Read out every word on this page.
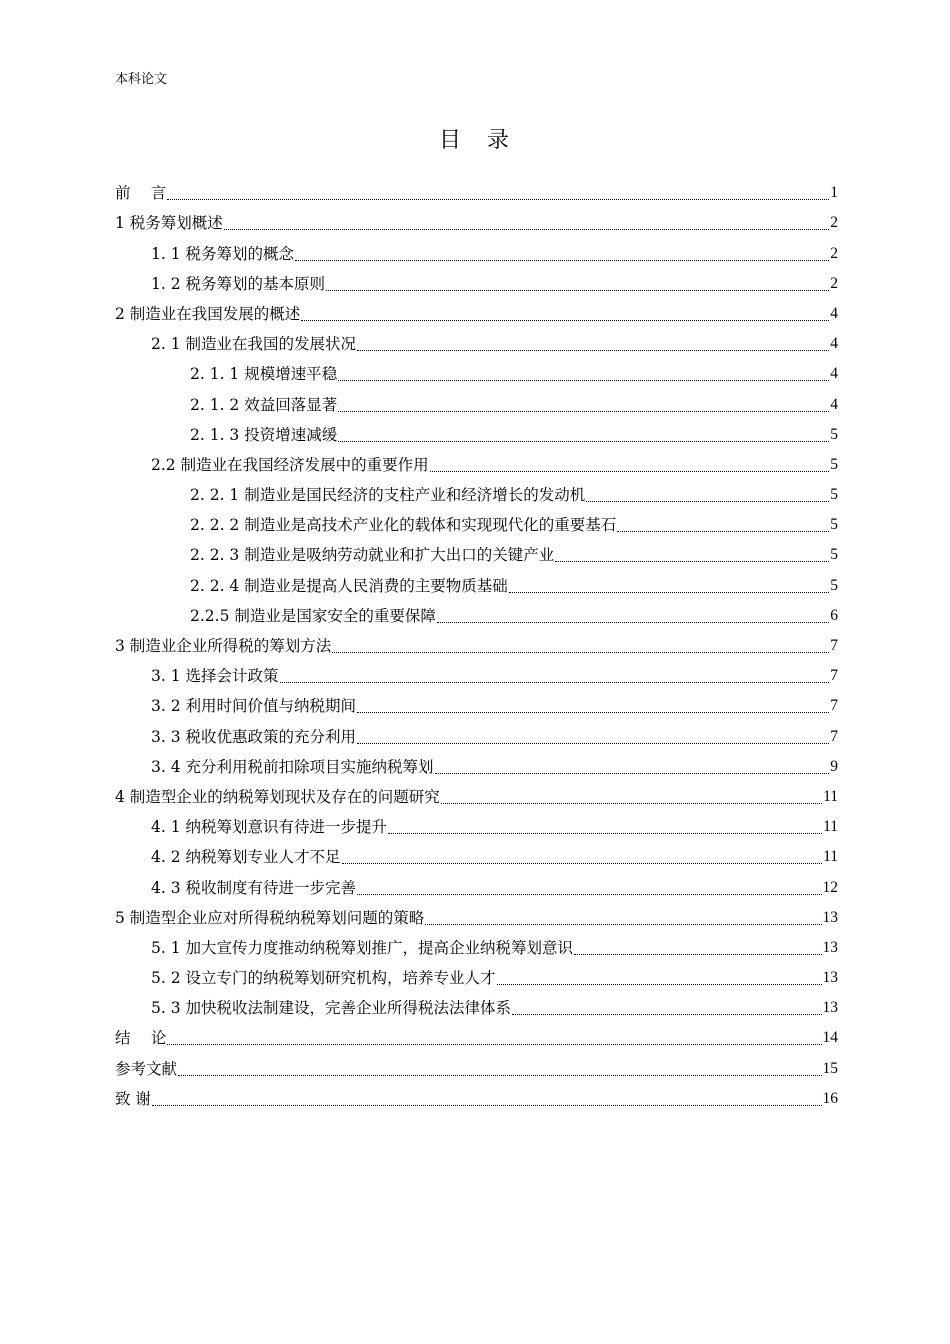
本科论文
目　录
前　 言	1
1 税务筹划概述	2
1. 1 税务筹划的概念	2
1. 2 税务筹划的基本原则	2
2 制造业在我国发展的概述	4
2. 1 制造业在我国的发展状况	4
2. 1. 1 规模增速平稳	4
2. 1. 2 效益回落显著	4
2. 1. 3 投资增速减缓	5
2.2 制造业在我国经济发展中的重要作用	5
2. 2. 1 制造业是国民经济的支柱产业和经济增长的发动机	5
2. 2. 2 制造业是高技术产业化的载体和实现现代化的重要基石	5
2. 2. 3 制造业是吸纳劳动就业和扩大出口的关键产业	5
2. 2. 4 制造业是提高人民消费的主要物质基础	5
2.2.5 制造业是国家安全的重要保障	6
3 制造业企业所得税的筹划方法	7
3. 1 选择会计政策	7
3. 2 利用时间价值与纳税期间	7
3. 3 税收优惠政策的充分利用	7
3. 4 充分利用税前扣除项目实施纳税筹划	9
4 制造型企业的纳税筹划现状及存在的问题研究	11
4. 1 纳税筹划意识有待进一步提升	11
4. 2 纳税筹划专业人才不足	11
4. 3 税收制度有待进一步完善	12
5 制造型企业应对所得税纳税筹划问题的策略	13
5. 1 加大宣传力度推动纳税筹划推广，提高企业纳税筹划意识	13
5. 2 设立专门的纳税筹划研究机构，培养专业人才	13
5. 3 加快税收法制建设，完善企业所得税法法律体系	13
结　 论	14
参考文献	15
致 谢	16
